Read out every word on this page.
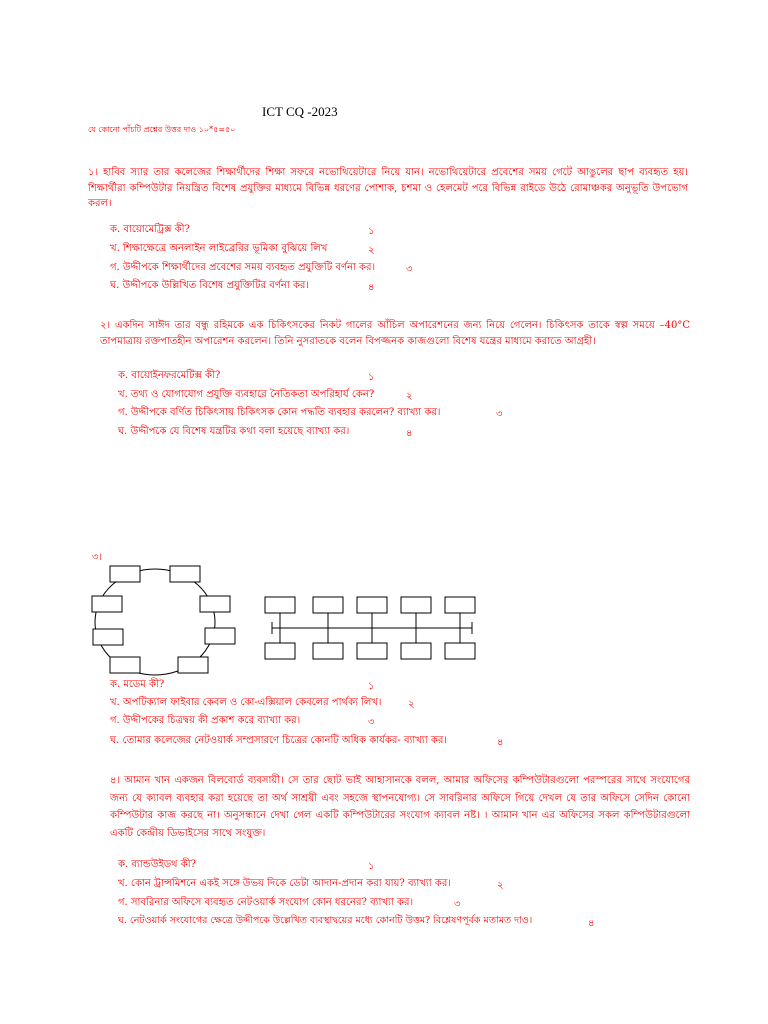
ICT CQ -2023
যে কোনো পাঁচটি প্রশ্নের উত্তর দাও ১০*৫=৫০
১। হাবিব স্যার তার কলেজের শিক্ষার্থীদের শিক্ষা সফরে নভোথিয়েটারে নিয়ে যান। নভোথিয়েটারে প্রবেশের সময় গেটে আঙুলের ছাপ ব্যবহৃত হয়। শিক্ষার্থীরা কম্পিউটার নিয়ন্ত্রিত বিশেষ প্রযুক্তির মাধ্যমে বিভিন্ন ধরণের পোশাক, চশমা ও হেলমেট পরে বিভিন্ন রাইডে উঠে রোমাঞ্চকর অনুভূতি উপভোগ করল।
ক. বায়োমেট্রিক্স কী?	১
খ. শিক্ষাক্ষেত্রে অনলাইন লাইব্রেরির ভূমিকা বুঝিয়ে লিখ	২
গ. উদ্দীপকে শিক্ষার্থীদের প্রবেশের সময় ব্যবহৃত প্রযুক্তিটি বর্ণনা কর।	৩
ঘ. উদ্দীপকে উল্লিখিত বিশেষ প্রযুক্তিটির বর্ণনা কর।	৪
২। একদিন সাঈদ তার বন্ধু রহিমকে এক চিকিৎসকের নিকট গালের আঁচিল অপারেশনের জন্য নিয়ে গেলেন। চিকিৎসক তাকে স্বল্প সময়ে –40°C তাপমাত্রায় রক্তপাতহীন অপারেশন করলেন। তিনি নুসরাতকে বলেন বিপজ্জনক কাজগুলো বিশেষ যন্ত্রের মাধ্যমে করাতে আগ্রহী।
ক. বায়োইনফরমেটিক্স কী?	১
খ. তথ্য ও যোগাযোগ প্রযুক্তি ব্যবহারে নৈতিকতা অপরিহার্য কেন?	২
গ. উদ্দীপকে বর্ণিত চিকিৎসায় চিকিৎসক কোন পদ্ধতি ব্যবহার করলেন? ব্যাখ্যা কর।	৩
ঘ. উদ্দীপকে যে বিশেষ যন্ত্রটির কথা বলা হয়েছে ব্যাখ্যা কর।	৪
৩।
ক. মডেম কী?	১
খ. অপটিক্যাল ফাইবার কেবল ও কো-এক্সিয়াল কেবলের পার্থক্য লিখ।	২
গ. উদ্দীপকের চিত্রদ্বয় কী প্রকাশ করে ব্যাখ্যা কর।	৩
ঘ. তোমার কলেজের নেটওয়ার্ক সম্প্রসারণে চিত্রের কোনটি অধিক কার্যকর- ব্যাখ্যা কর।	৪
৪। আমান খান একজন বিলবোর্ড ব্যবসায়ী। সে তার ছোট ভাই আহাসানকে বলল, আমার অফিসের কম্পিউটারগুলো পরস্পরের সাথে সংযোগের জন্য যে ক্যাবল ব্যবহার করা হয়েছে তা অর্থ সাশ্রয়ী এবং সহজে স্থাপনযোগ্য। সে সাবরিনার অফিসে গিয়ে দেখল যে তার অফিসে সেদিন কোনো কম্পিউটার কাজ করছে না। অনুসন্ধানে দেখা গেল একটি কম্পিউটারের সংযোগ ক্যাবল নষ্ট। । আমান খান এর অফিসের সকল কম্পিউটারগুলো একটি কেন্দ্রীয় ডিভাইসের সাথে সংযুক্ত।
ক. ব্যান্ডউইডথ কী?	১
খ. কোন ট্রান্সমিশনে একই সঙ্গে উভয় দিকে ডেটা আদান-প্রদান করা যায়? ব্যাখ্যা কর।	২
গ. সাবরিনার অফিসে ব্যবহৃত নেটওয়ার্ক সংযোগ কোন ধরনের? ব্যাখ্যা কর।	৩
ঘ. নেটওয়ার্ক সংযোগের ক্ষেত্রে উদ্দীপকে উল্লেখিত ব্যবস্থাদ্বয়ের মধ্যে কোনটি উত্তম? বিশ্লেষণপূর্বক মতামত দাও।	৪
